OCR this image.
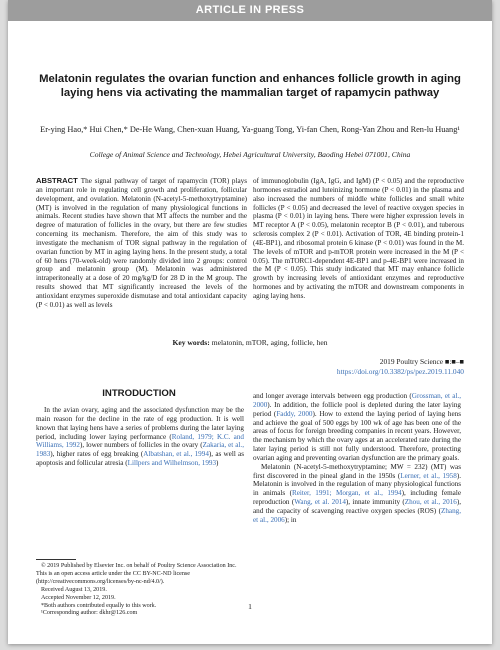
ARTICLE IN PRESS
Melatonin regulates the ovarian function and enhances follicle growth in aging laying hens via activating the mammalian target of rapamycin pathway
Er-ying Hao,* Hui Chen,* De-He Wang, Chen-xuan Huang, Ya-guang Tong, Yi-fan Chen, Rong-Yan Zhou and Ren-lu Huang¹
College of Animal Science and Technology, Hebei Agricultural University, Baoding Hebei 071001, China
ABSTRACT The signal pathway of target of rapamycin (TOR) plays an important role in regulating cell growth and proliferation, follicular development, and ovulation. Melatonin (N-acetyl-5-methoxytryptamine) (MT) is involved in the regulation of many physiological functions in animals. Recent studies have shown that MT affects the number and the degree of maturation of follicles in the ovary, but there are few studies concerning its mechanism. Therefore, the aim of this study was to investigate the mechanism of TOR signal pathway in the regulation of ovarian function by MT in aging laying hens. In the present study, a total of 60 hens (70-week-old) were randomly divided into 2 groups: control group and melatonin group (M). Melatonin was administered intraperitoneally at a dose of 20 mg/kg/D for 28 D in the M group. The results showed that MT significantly increased the levels of the antioxidant enzymes superoxide dismutase and total antioxidant capacity (P < 0.01) as well as levels
of immunoglobulin (IgA, IgG, and IgM) (P < 0.05) and the reproductive hormones estradiol and luteinizing hormone (P < 0.01) in the plasma and also increased the numbers of middle white follicles and small white follicles (P < 0.05) and decreased the level of reactive oxygen species in plasma (P < 0.01) in laying hens. There were higher expression levels in MT receptor A (P < 0.05), melatonin receptor B (P < 0.01), and tuberous sclerosis complex 2 (P < 0.01). Activation of TOR, 4E binding protein-1 (4E-BP1), and ribosomal protein 6 kinase (P < 0.01) was found in the M. The levels of mTOR and p-mTOR protein were increased in the M (P < 0.05). The mTORC1-dependent 4E-BP1 and p-4E-BP1 were increased in the M (P < 0.05). This study indicated that MT may enhance follicle growth by increasing levels of antioxidant enzymes and reproductive hormones and by activating the mTOR and downstream components in aging laying hens.
Key words: melatonin, mTOR, aging, follicle, hen
2019 Poultry Science ■:■–■
https://doi.org/10.3382/ps/pez.2019.11.040
INTRODUCTION
In the avian ovary, aging and the associated dysfunction may be the main reason for the decline in the rate of egg production. It is well known that laying hens have a series of problems during the later laying period, including lower laying performance (Roland, 1979; K.C. and Williams, 1992), lower numbers of follicles in the ovary (Zakaria, et al., 1983), higher rates of egg breaking (Albatshan, et al., 1994), as well as apoptosis and follicular atresia (Lillpers and Wilhelmson, 1993)

and longer average intervals between egg production (Grossman, et al., 2000). In addition, the follicle pool is depleted during the later laying period (Faddy, 2000). How to extend the laying period of laying hens and achieve the goal of 500 eggs by 100 wk of age has been one of the areas of focus for foreign breeding companies in recent years. However, the mechanism by which the ovary ages at an accelerated rate during the later laying period is still not fully understood. Therefore, protecting ovarian aging and preventing ovarian dysfunction are the primary goals.

Melatonin (N-acetyl-5-methoxytryptamine; MW = 232) (MT) was first discovered in the pineal gland in the 1950s (Lerner, et al., 1958). Melatonin is involved in the regulation of many physiological functions in animals (Reiter, 1991; Morgan, et al., 1994), including female reproduction (Wang, et al. 2014), innate immunity (Zhou, et al., 2016), and the capacity of scavenging reactive oxygen species (ROS) (Zhang, et al., 2006); in

© 2019 Published by Elsevier Inc. on behalf of Poultry Science Association Inc. This is an open access article under the CC BY-NC-ND license (http://creativecommons.org/licenses/by-nc-nd/4.0/).
Received August 13, 2019.
Accepted November 12, 2019.
*Both authors contributed equally to this work.
¹Corresponding author: dkhr@126.com
1
